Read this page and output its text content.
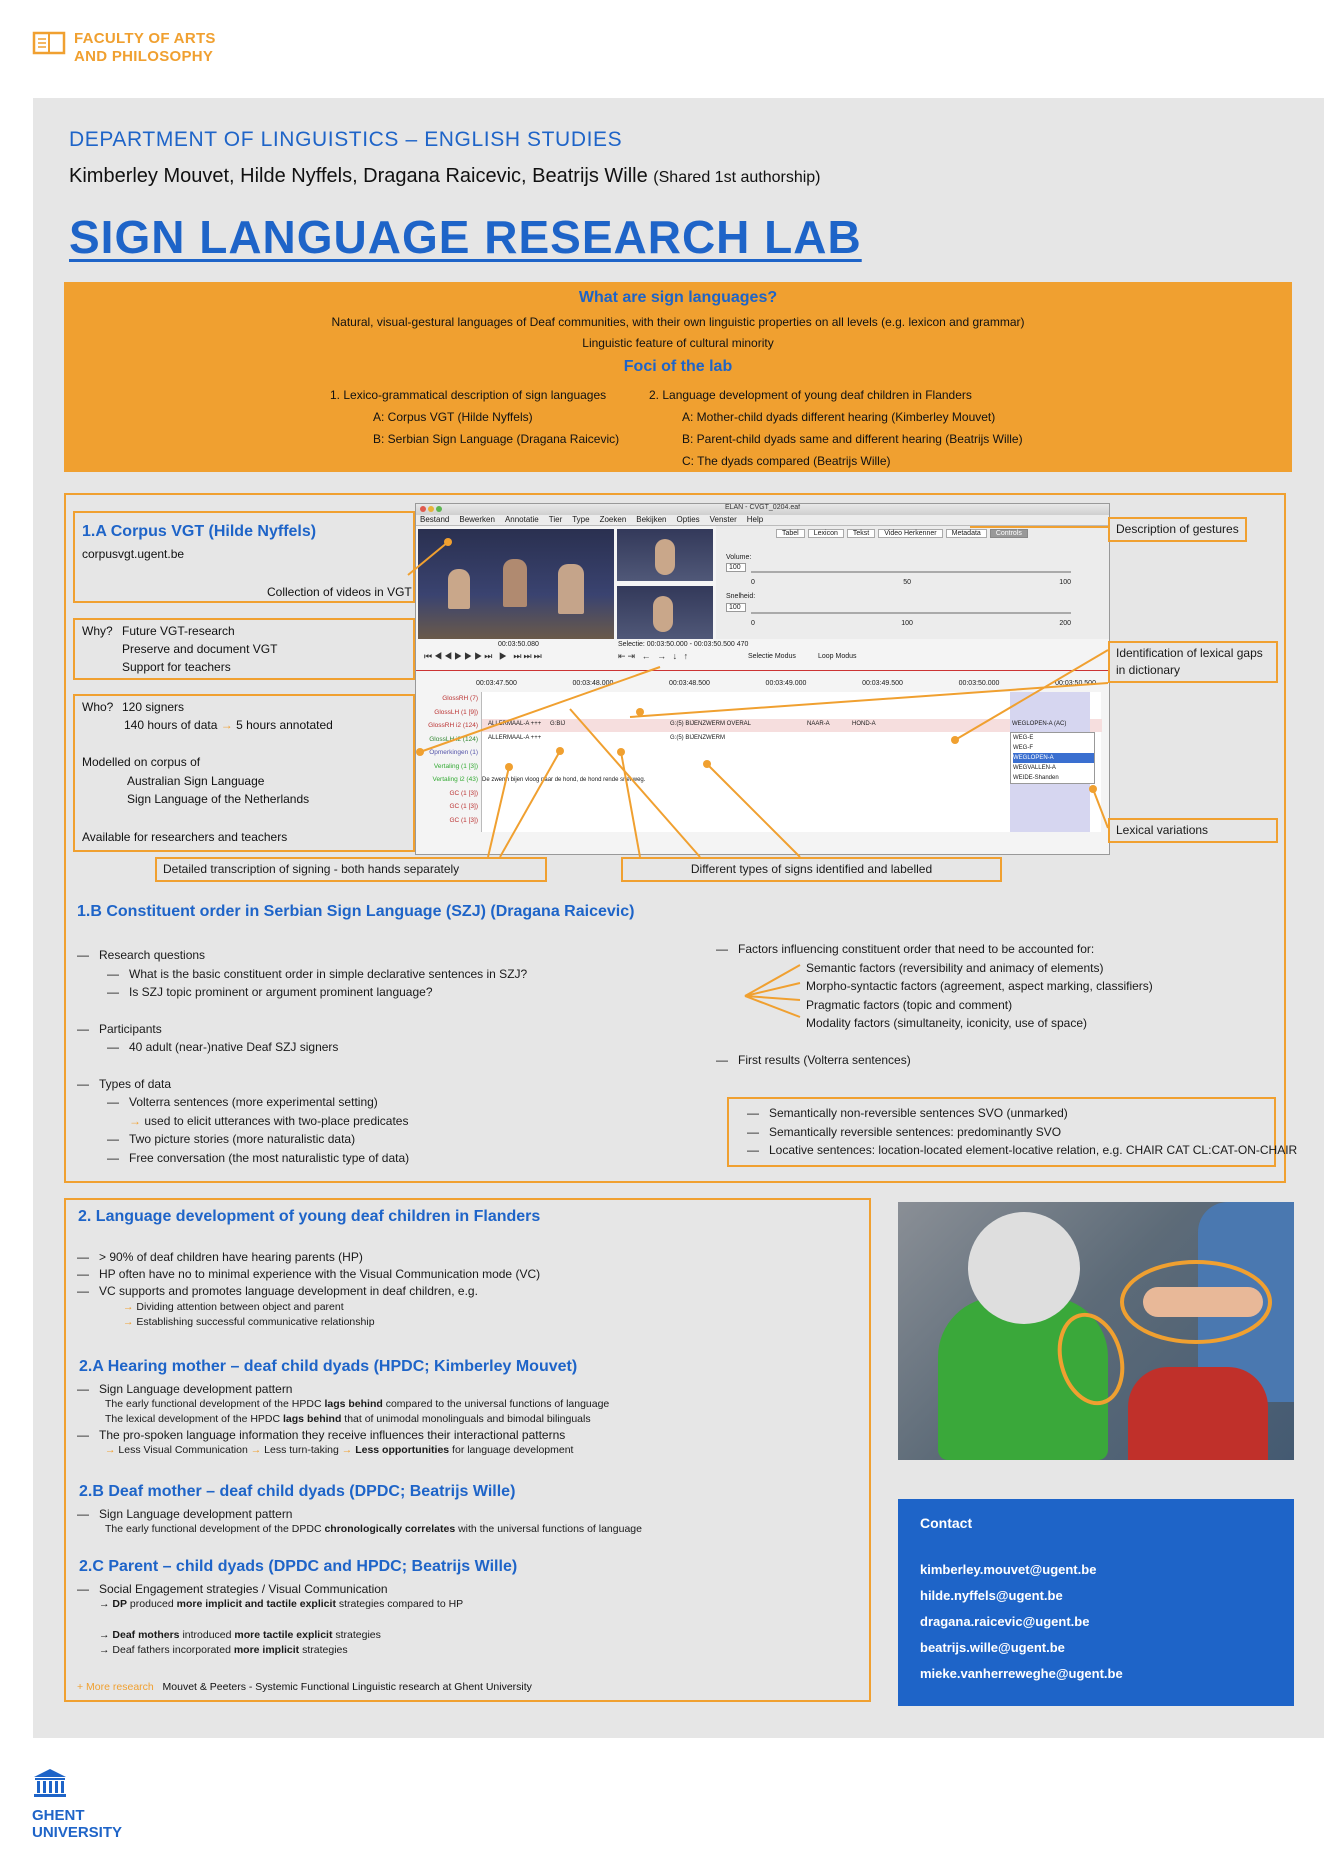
FACULTY OF ARTS
AND PHILOSOPHY
DEPARTMENT OF LINGUISTICS – ENGLISH STUDIES
Kimberley Mouvet, Hilde Nyffels, Dragana Raicevic, Beatrijs Wille (Shared 1st authorship)
SIGN LANGUAGE RESEARCH LAB
What are sign languages?
Natural, visual-gestural languages of Deaf communities, with their own linguistic properties on all levels (e.g. lexicon and grammar)
Linguistic feature of cultural minority
Foci of the lab
1. Lexico-grammatical description of sign languages
A: Corpus VGT (Hilde Nyffels)
B: Serbian Sign Language (Dragana Raicevic)
2. Language development of young deaf children in Flanders
A: Mother-child dyads different hearing (Kimberley Mouvet)
B: Parent-child dyads same and different hearing (Beatrijs Wille)
C: The dyads compared (Beatrijs Wille)
1.A Corpus VGT (Hilde Nyffels)
corpusvgt.ugent.be
Collection of videos in VGT
Why? Future VGT-research
Preserve and document VGT
Support for teachers
Who? 120 signers
140 hours of data → 5 hours annotated
Modelled on corpus of
Australian Sign Language
Sign Language of the Netherlands
Available for researchers and teachers
ELAN - CVGT_0204.eaf
Bestand Bewerken Annotatie Tier Type Zoeken Bekijken Opties Venster Help
Tabel	Lexicon	Tekst	Video Herkenner	Metadata	Controls
Volume:
100
0	50	100
Snelheid:
100
0	100	200
00:03:50.080	Selectie: 00:03:50.000 - 00:03:50.500 470
⏮◀◀▶▶▶⏭ ▶ ⏭⏭⏭	⇤⇥ ← → ↓ ↑	Selectie Modus	Loop Modus
00:03:47.500	00:03:48.000	00:03:48.500	00:03:49.000	00:03:49.500	00:03:50.000	00:03:50.500
GlossRH (7)
GlossLH (1 [9])
GlossRH i2 (124)
GlossLH i2 (124)
Opmerkingen (1)
Vertaling (1 [3])
Vertaling i2 (43)
GC (1 [3])
GC (1 [3])
GC (1 [3])
ALLERMAAL-A +++ G:BIJ	G:(5) BIJENZWERM OVERAL	NAAR-A	HOND-A	WEGLOPEN-A (AC)
ALLERMAAL-A +++	G:(5) BIJENZWERM
De zwerm bijen vloog naar de hond, de hond rende snel weg.
WEG-E
WEG-F
WEGLOPEN-A
WEGVALLEN-A
WEIDE-Shanden
Description of gestures
Identification of lexical gaps
in dictionary
Lexical variations
Detailed transcription of signing - both hands separately	Different types of signs identified and labelled
1.B Constituent order in Serbian Sign Language (SZJ) (Dragana Raicevic)
— Research questions
— What is the basic constituent order in simple declarative sentences in SZJ?
— Is SZJ topic prominent or argument prominent language?
— Participants
— 40 adult (near-)native Deaf SZJ signers
— Types of data
— Volterra sentences (more experimental setting)
→ used to elicit utterances with two-place predicates
— Two picture stories (more naturalistic data)
— Free conversation (the most naturalistic type of data)
— Factors influencing constituent order that need to be accounted for:
Semantic factors (reversibility and animacy of elements)
Morpho-syntactic factors (agreement, aspect marking, classifiers)
Pragmatic factors (topic and comment)
Modality factors (simultaneity, iconicity, use of space)
— First results (Volterra sentences)
— Semantically non-reversible sentences SVO (unmarked)
— Semantically reversible sentences: predominantly SVO
— Locative sentences: location-located element-locative relation, e.g. CHAIR CAT CL:CAT-ON-CHAIR
2. Language development of young deaf children in Flanders
— > 90% of deaf children have hearing parents (HP)
— HP often have no to minimal experience with the Visual Communication mode (VC)
— VC supports and promotes language development in deaf children, e.g.
→ Dividing attention between object and parent
→ Establishing successful communicative relationship
2.A Hearing mother – deaf child dyads (HPDC; Kimberley Mouvet)
— Sign Language development pattern
The early functional development of the HPDC lags behind compared to the universal functions of language
The lexical development of the HPDC lags behind that of unimodal monolinguals and bimodal bilinguals
— The pro-spoken language information they receive influences their interactional patterns
→ Less Visual Communication → Less turn-taking → Less opportunities for language development
2.B Deaf mother – deaf child dyads (DPDC; Beatrijs Wille)
— Sign Language development pattern
The early functional development of the DPDC chronologically correlates with the universal functions of language
2.C Parent – child dyads (DPDC and HPDC; Beatrijs Wille)
— Social Engagement strategies / Visual Communication
→ DP produced more implicit and tactile explicit strategies compared to HP
→ Deaf mothers introduced more tactile explicit strategies
→ Deaf fathers incorporated more implicit strategies
+ More research Mouvet & Peeters - Systemic Functional Linguistic research at Ghent University
Contact
kimberley.mouvet@ugent.be
hilde.nyffels@ugent.be
dragana.raicevic@ugent.be
beatrijs.wille@ugent.be
mieke.vanherreweghe@ugent.be
GHENT
UNIVERSITY
